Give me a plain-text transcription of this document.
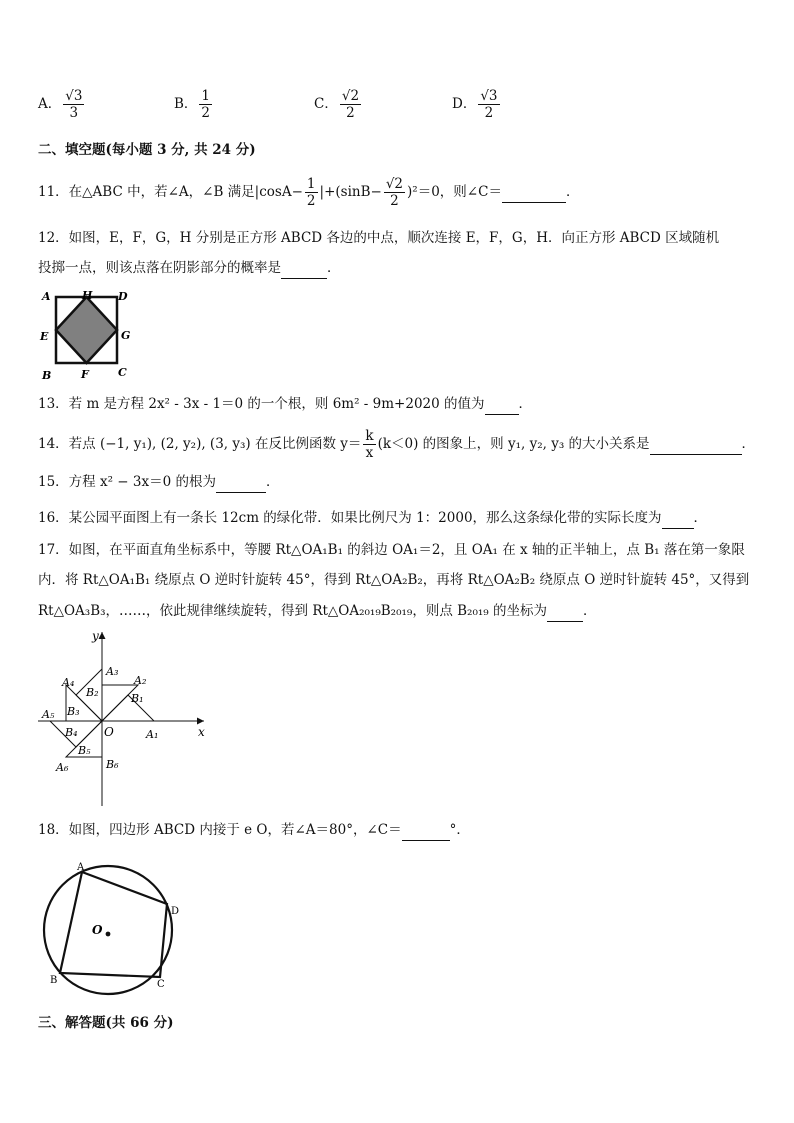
A． $\frac{√3}{3}$	B． $\frac{1}{2}$	C． $\frac{√2}{2}$	D． $\frac{√3}{2}$
二、填空题(每小题 3 分, 共 24 分)
11．在△ABC 中，若∠A，∠B 满足$|\cos A- \frac{1}{2} |+(\sin B- \frac{√2}{2} )^2=0$，则∠C＝	．
12．如图，E，F，G，H 分别是正方形 ABCD 各边的中点，顺次连接 E，F，G，H．向正方形 ABCD 区域随机
投掷一点，则该点落在阴影部分的概率是	．
A	H D
E	G
B	F	C
13．若 m 是方程 2x² - 3x - 1＝0 的一个根，则 6m² - 9m+2020 的值为	．
14．若点 (−1, y₁), (2, y₂), (3, y₃) 在反比例函数 $y= \frac{k}{x} (k<0)$ 的图象上，则 y₁, y₂, y₃ 的大小关系是	．
15．方程 x² − 3x＝0 的根为	．
16．某公园平面图上有一条长 12cm 的绿化带．如果比例尺为 1：2000，那么这条绿化带的实际长度为 ．
17．如图，在平面直角坐标系中，等腰 Rt△OA₁B₁ 的斜边 OA₁＝2，且 OA₁ 在 x 轴的正半轴上，点 B₁ 落在第一象限
内．将 Rt△OA₁B₁ 绕原点 O 逆时针旋转 45°，得到 Rt△OA₂B₂，再将 Rt△OA₂B₂ 绕原点 O 逆时针旋转 45°，又得到
Rt△OA₃B₃，……，依此规律继续旋转，得到 Rt△OA₂₀₁₉B₂₀₁₉，则点 B₂₀₁₉ 的坐标为	．
y
x
O	A₁
A₂
A₃
A₄
A₅
A₆
B₁
B₂
B₃
B₄
B₅
B₆
18．如图，四边形 ABCD 内接于 e O，若∠A＝80°，∠C＝	°．
A
D
C
B
O
三、解答题(共 66 分)
